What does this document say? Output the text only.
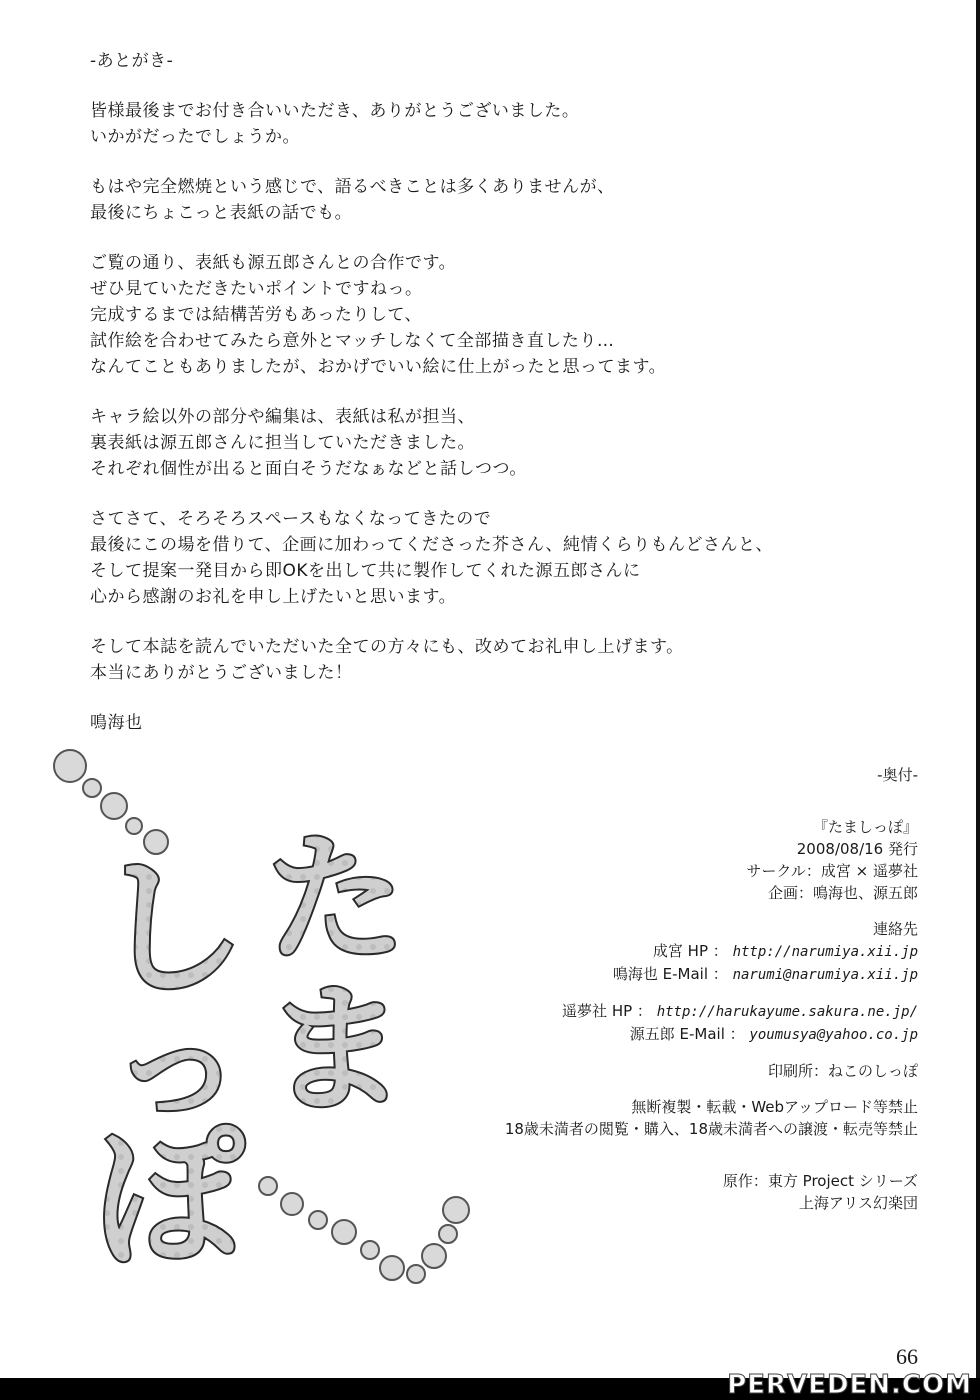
-あとがき-

皆様最後までお付き合いいただき、ありがとうございました。

いかがだったでしょうか。

もはや完全燃焼という感じで、語るべきことは多くありませんが、

最後にちょこっと表紙の話でも。

ご覧の通り、表紙も源五郎さんとの合作です。

ぜひ見ていただきたいポイントですねっ。

完成するまでは結構苦労もあったりして、

試作絵を合わせてみたら意外とマッチしなくて全部描き直したり…

なんてこともありましたが、おかげでいい絵に仕上がったと思ってます。

キャラ絵以外の部分や編集は、表紙は私が担当、

裏表紙は源五郎さんに担当していただきました。

それぞれ個性が出ると面白そうだなぁなどと話しつつ。

さてさて、そろそろスペースもなくなってきたので

最後にこの場を借りて、企画に加わってくださった芥さん、純情くらりもんどさんと、

そして提案一発目から即OKを出して共に製作してくれた源五郎さんに

心から感謝のお礼を申し上げたいと思います。

そして本誌を読んでいただいた全ての方々にも、改めてお礼申し上げます。

本当にありがとうございました！

鳴海也

た
ま
し
っ
ぽ
-奥付-
『たましっぽ』
2008/08/16 発行
サークル：成宮 × 遥夢社
企画：鳴海也、源五郎
連絡先
成宮 HP ： http://narumiya.xii.jp
鳴海也 E-Mail ： narumi@narumiya.xii.jp
遥夢社 HP ： http://harukayume.sakura.ne.jp/
源五郎 E-Mail ： youmusya@yahoo.co.jp
印刷所：ねこのしっぽ
無断複製・転載・Webアップロード等禁止
18歳未満者の閲覧・購入、18歳未満者への譲渡・転売等禁止
原作：東方 Project シリーズ
上海アリス幻楽団
66
PERVEDEN.COM
